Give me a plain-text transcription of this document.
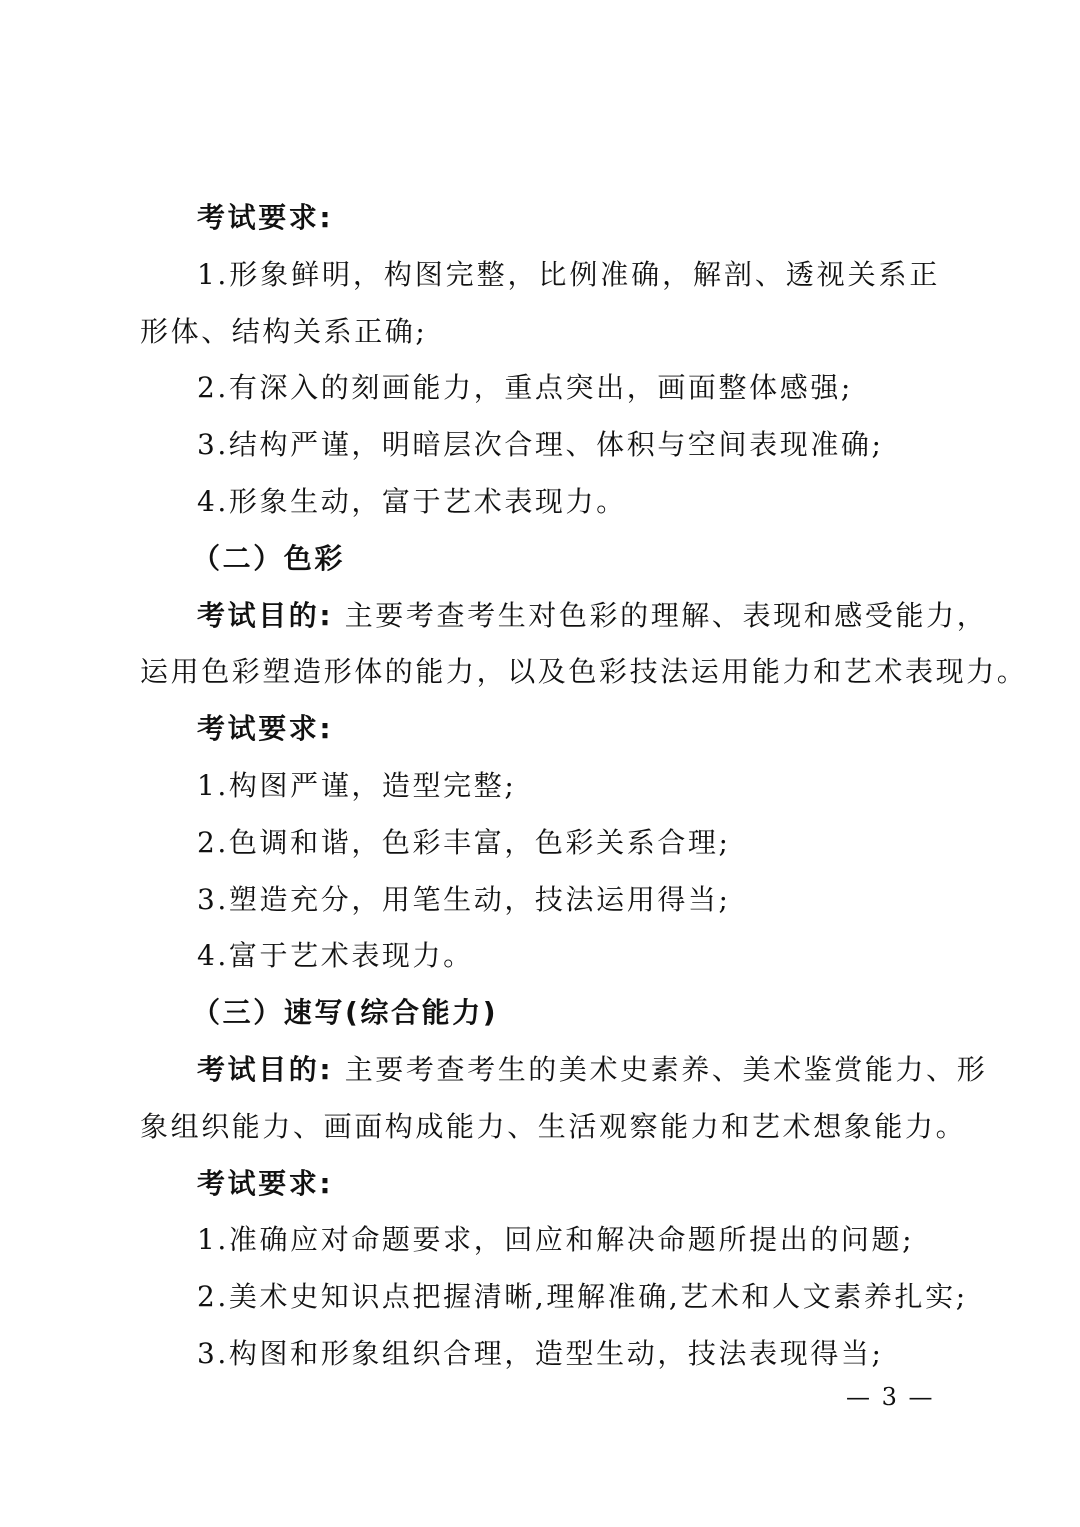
考试要求:

1.形象鲜明，构图完整，比例准确，解剖、透视关系正

形体、结构关系正确;

2.有深入的刻画能力，重点突出，画面整体感强;

3.结构严谨，明暗层次合理、体积与空间表现准确;

4.形象生动，富于艺术表现力。

（二）色彩

考试目的: 主要考查考生对色彩的理解、表现和感受能力，

运用色彩塑造形体的能力，以及色彩技法运用能力和艺术表现力。

考试要求:

1.构图严谨，造型完整;

2.色调和谐，色彩丰富，色彩关系合理;

3.塑造充分，用笔生动，技法运用得当;

4.富于艺术表现力。

（三）速写(综合能力)

考试目的: 主要考查考生的美术史素养、美术鉴赏能力、形

象组织能力、画面构成能力、生活观察能力和艺术想象能力。

考试要求:

1.准确应对命题要求，回应和解决命题所提出的问题;

2.美术史知识点把握清晰,理解准确,艺术和人文素养扎实;

3.构图和形象组织合理，造型生动，技法表现得当;

— 3 —
